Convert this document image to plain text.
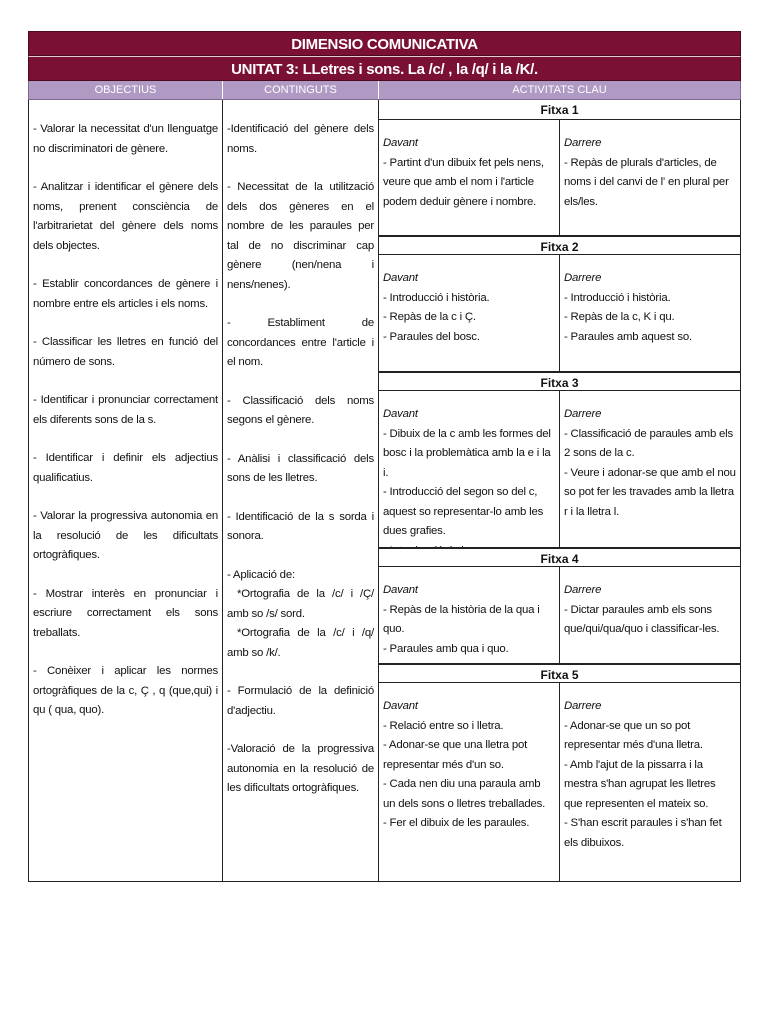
DIMENSIO COMUNICATIVA
UNITAT 3: LLetres i sons. La /c/ , la /q/ i la /K/.
OBJECTIUS	CONTINGUTS	ACTIVITATS CLAU

- Valorar la necessitat d'un llenguatge no discriminatori de gènere.

- Analitzar i identificar el gènere dels noms, prenent consciència de l'arbitrarietat del gènere dels noms dels objectes.

- Establir concordances de gènere i nombre entre els articles i els noms.

- Classificar les lletres en funció del número de sons.

- Identificar i pronunciar correctament els diferents sons de la s.

- Identificar i definir els adjectius qualificatius.

- Valorar la progressiva autonomia en la resolució de les dificultats ortogràfiques.

- Mostrar interès en pronunciar i escriure correctament els sons treballats.

- Conèixer i aplicar les normes ortogràfiques de la c, Ç , q (que,qui) i qu ( qua, quo).

-Identificació del gènere dels noms.

- Necessitat de la utilització dels dos gèneres en el nombre de les paraules per tal de no discriminar cap gènere (nen/nena i nens/nenes).

- Establiment de concordances entre l'article i el nom.

- Classificació dels noms segons el gènere.

- Anàlisi i classificació dels sons de les lletres.

- Identificació de la s sorda i sonora.

- Aplicació de:

*Ortografia de la /c/ i /Ç/ amb so /s/ sord.

*Ortografia de la /c/ i /q/ amb so /k/.

- Formulació de la definició d'adjectiu.

-Valoració de la progressiva autonomia en la resolució de les dificultats ortogràfiques.

Fitxa 1
Davant
- Partint d'un dibuix fet pels nens, veure que amb el nom i l'article podem deduir gènere i nombre.
Darrere
- Repàs de plurals d'articles, de noms i del canvi de l' en plural per els/les.
Fitxa 2
Davant
- Introducció i història.
- Repàs de la c i Ç.
- Paraules del bosc.
Darrere
- Introducció i història.
- Repàs de la c, K i qu.
- Paraules amb aquest so.
Fitxa 3
Davant
- Dibuix de la c amb les formes del bosc i la problemàtica amb la e i la i.
- Introducció del segon so del c, aquest so representar-lo amb les dues grafies.
Darrere
- Classificació de paraules amb els 2 sons de la c.
- Veure i adonar-se que amb el nou so pot fer les travades amb la lletra r i la lletra l.
Fitxa 4
Davant
- Repàs de la història de la qua i quo.
- Paraules amb qua i quo.
Darrere
- Dictar paraules amb els sons que/qui/qua/quo i classificar-les.
Fitxa 5
Davant
- Relació entre so i lletra.
- Adonar-se que una lletra pot representar més d'un so.
- Cada nen diu una paraula amb un dels sons o lletres treballades.
- Fer el dibuix de les paraules.
Darrere
- Adonar-se que un so pot representar més d'una lletra.
- Amb l'ajut de la pissarra i la mestra s'han agrupat les lletres que representen el mateix so.
- S'han escrit paraules i s'han fet els dibuixos.
